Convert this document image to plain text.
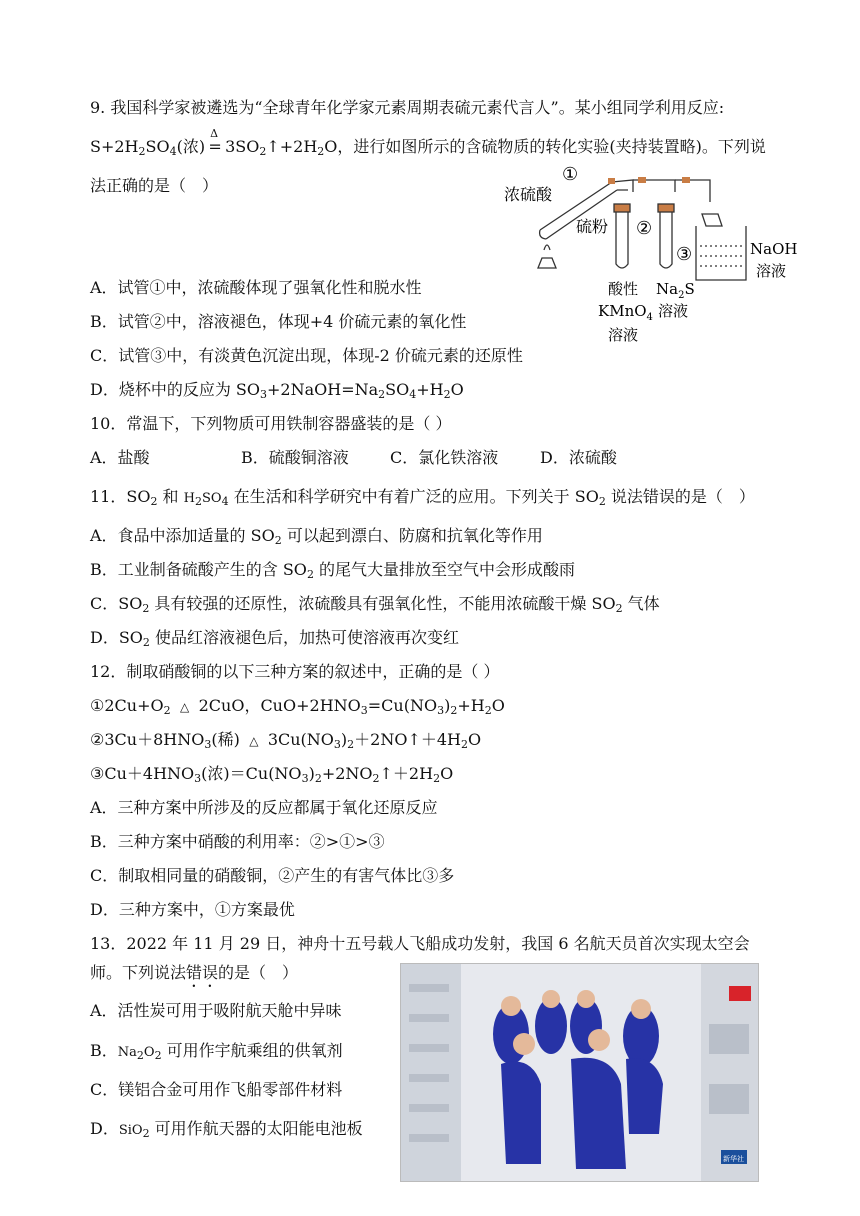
9. 我国科学家被遴选为“全球青年化学家元素周期表硫元素代言人”。某小组同学利用反应:
$S+2H_2SO_4$(浓)
Δ
= $3SO_2↑+2H_2O$，进行如图所示的含硫物质的转化实验(夹持装置略)。下列说
法正确的是（　）	浓硫酸
硫粉
①
②
③	NaOH
溶液
酸性
KMnO$_4$
溶液
$Na_2S$
溶液
A．试管①中，浓硫酸体现了强氧化性和脱水性
B．试管②中，溶液褪色，体现+4 价硫元素的氧化性
C．试管③中，有淡黄色沉淀出现，体现-2 价硫元素的还原性
D．烧杯中的反应为 $SO_3+2NaOH=Na_2SO_4+H_2O$
10．常温下，下列物质可用铁制容器盛装的是（ ）
A．盐酸	B．硫酸铜溶液	C．氯化铁溶液	D．浓硫酸
11．$SO_2$ 和 $H_2SO_4$ 在生活和科学研究中有着广泛的应用。下列关于 $SO_2$ 说法错误的是（　）
A．食品中添加适量的 $SO_2$ 可以起到漂白、防腐和抗氧化等作用
B．工业制备硫酸产生的含 $SO_2$ 的尾气大量排放至空气中会形成酸雨
C．$SO_2$ 具有较强的还原性，浓硫酸具有强氧化性，不能用浓硫酸干燥 $SO_2$ 气体
D．$SO_2$ 使品红溶液褪色后，加热可使溶液再次变红
12．制取硝酸铜的以下三种方案的叙述中，正确的是（ ）
$①2Cu+O_2$ △ 2CuO，$CuO+2HNO_3=Cu(NO_3)_2+H_2O$
$②3Cu+8HNO_3$(稀) △ $3Cu(NO_3)_2+2NO↑+4H_2O$
$③Cu+4HNO_3$(浓)$=Cu(NO_3)_2+2NO_2↑+2H_2O$
A．三种方案中所涉及的反应都属于氧化还原反应
B．三种方案中硝酸的利用率：②>①>③
C．制取相同量的硝酸铜，②产生的有害气体比③多
D．三种方案中，①方案最优
13．2022 年 11 月 29 日，神舟十五号载人飞船成功发射，我国 6 名航天员首次实现太空会
师。下列说法错误的是（　）
A．活性炭可用于吸附航天舱中异味
B．$Na_2O_2$ 可用作宇航乘组的供氧剂
C．镁铝合金可用作飞船零部件材料
D．SiO$_2$ 可用作航天器的太阳能电池板
新华社
